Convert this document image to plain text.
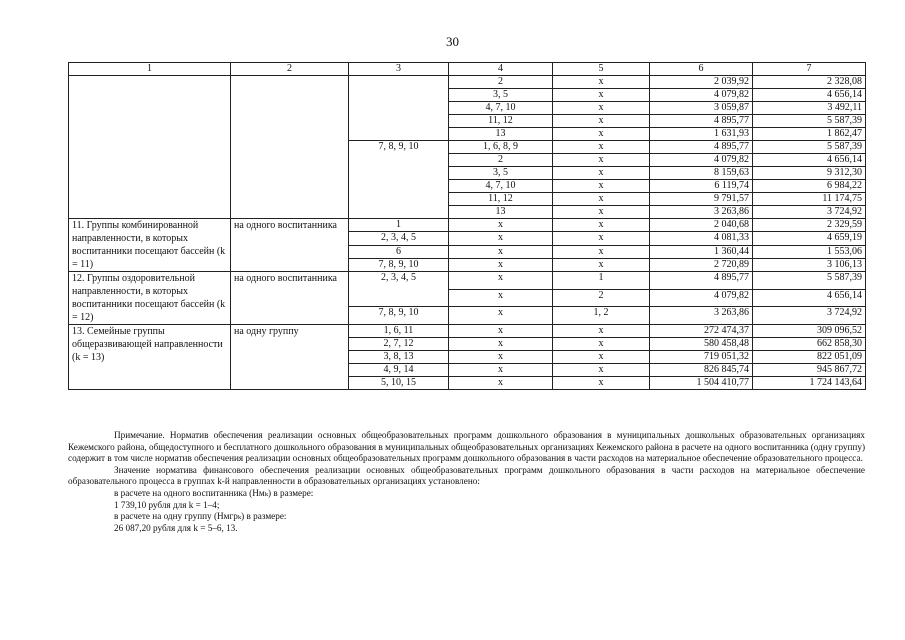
30
1	2	3	4	5	6	7
			2	x	2 039,92	2 328,08
			3, 5	x	4 079,82	4 656,14
			4, 7, 10	x	3 059,87	3 492,11
			11, 12	x	4 895,77	5 587,39
			13	x	1 631,93	1 862,47
		7, 8, 9, 10	1, 6, 8, 9	x	4 895,77	5 587,39
			2	x	4 079,82	4 656,14
			3, 5	x	8 159,63	9 312,30
			4, 7, 10	x	6 119,74	6 984,22
			11, 12	x	9 791,57	11 174,75
			13	x	3 263,86	3 724,92
11. Группы комбинированной направленности, в которых воспитанники посещают бассейн (k = 11)	на одного воспитанника	1	x	x	2 040,68	2 329,59
		2, 3, 4, 5	x	x	4 081,33	4 659,19
		6	x	x	1 360,44	1 553,06
		7, 8, 9, 10	x	x	2 720,89	3 106,13
12. Группы оздоровительной направленности, в которых воспитанники посещают бассейн (k = 12)	на одного воспитанника	2, 3, 4, 5	x	1	4 895,77	5 587,39
			x	2	4 079,82	4 656,14
		7, 8, 9, 10	x	1, 2	3 263,86	3 724,92
13. Семейные группы общеразвивающей направленности (k = 13)	на одну группу	1, 6, 11	x	x	272 474,37	309 096,52
		2, 7, 12	x	x	580 458,48	662 858,30
		3, 8, 13	x	x	719 051,32	822 051,09
		4, 9, 14	x	x	826 845,74	945 867,72
		5, 10, 15	x	x	1 504 410,77	1 724 143,64

Примечание. Норматив обеспечения реализации основных общеобразовательных программ дошкольного образования в муниципальных дошкольных образовательных организациях Кежемского района, общедоступного и бесплатного дошкольного образования в муниципальных общеобразовательных организациях Кежемского района в расчете на одного воспитанника (одну группу) содержит в том числе норматив обеспечения реализации основных общеобразовательных программ дошкольного образования в части расходов на материальное обеспечение образовательного процесса.

Значение норматива финансового обеспечения реализации основных общеобразовательных программ дошкольного образования в части расходов на материальное обеспечение образовательного процесса в группах k-й направленности в образовательных организациях установлено:

в расчете на одного воспитанника (Нмₖ) в размере:

1 739,10 рубля для k = 1–4;

в расчете на одну группу (Нмгрₖ) в размере:

26 087,20 рубля для k = 5–6, 13.
